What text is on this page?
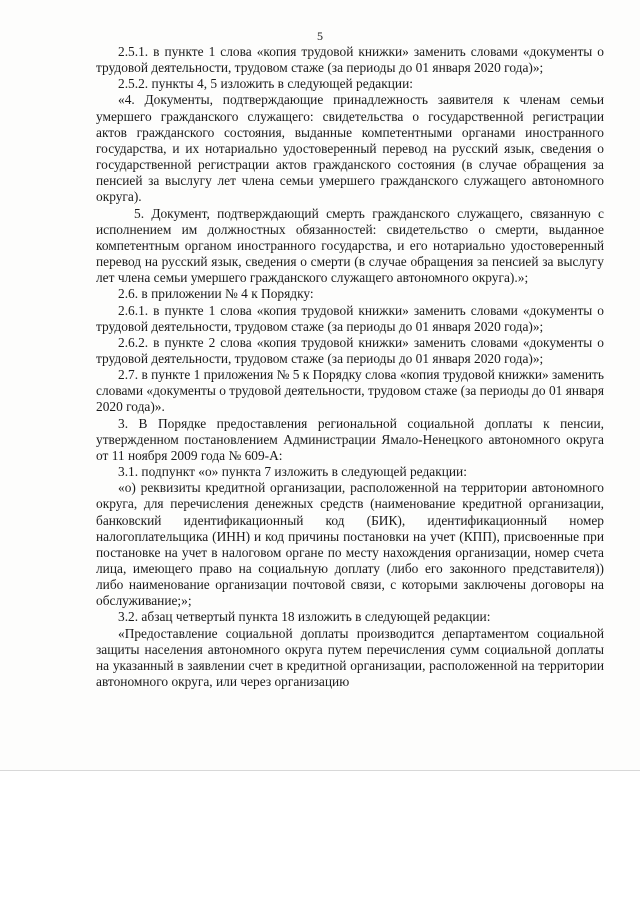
5

2.5.1. в пункте 1 слова «копия трудовой книжки» заменить словами «документы о трудовой деятельности, трудовом стаже (за периоды до 01 января 2020 года)»;

2.5.2. пункты 4, 5 изложить в следующей редакции:

«4. Документы, подтверждающие принадлежность заявителя к членам семьи умершего гражданского служащего: свидетельства о государственной регистрации актов гражданского состояния, выданные компетентными органами иностранного государства, и их нотариально удостоверенный перевод на русский язык, сведения о государственной регистрации актов гражданского состояния (в случае обращения за пенсией за выслугу лет члена семьи умершего гражданского служащего автономного округа).

5. Документ, подтверждающий смерть гражданского служащего, связанную с исполнением им должностных обязанностей: свидетельство о смерти, выданное компетентным органом иностранного государства, и его нотариально удостоверенный перевод на русский язык, сведения о смерти (в случае обращения за пенсией за выслугу лет члена семьи умершего гражданского служащего автономного округа).»;

2.6. в приложении № 4 к Порядку:

2.6.1. в пункте 1 слова «копия трудовой книжки» заменить словами «документы о трудовой деятельности, трудовом стаже (за периоды до 01 января 2020 года)»;

2.6.2. в пункте 2 слова «копия трудовой книжки» заменить словами «документы о трудовой деятельности, трудовом стаже (за периоды до 01 января 2020 года)»;

2.7. в пункте 1 приложения № 5 к Порядку слова «копия трудовой книжки» заменить словами «документы о трудовой деятельности, трудовом стаже (за периоды до 01 января 2020 года)».

3. В Порядке предоставления региональной социальной доплаты к пенсии, утвержденном постановлением Администрации Ямало-Ненецкого автономного округа от 11 ноября 2009 года № 609-А:

3.1. подпункт «о» пункта 7 изложить в следующей редакции:

«о) реквизиты кредитной организации, расположенной на территории автономного округа, для перечисления денежных средств (наименование кредитной организации, банковский идентификационный код (БИК), идентификационный номер налогоплательщика (ИНН) и код причины постановки на учет (КПП), присвоенные при постановке на учет в налоговом органе по месту нахождения организации, номер счета лица, имеющего право на социальную доплату (либо его законного представителя)) либо наименование организации почтовой связи, с которыми заключены договоры на обслуживание;»;

3.2. абзац четвертый пункта 18 изложить в следующей редакции:

«Предоставление социальной доплаты производится департаментом социальной защиты населения автономного округа путем перечисления сумм социальной доплаты на указанный в заявлении счет в кредитной организации, расположенной на территории автономного округа, или через организацию
